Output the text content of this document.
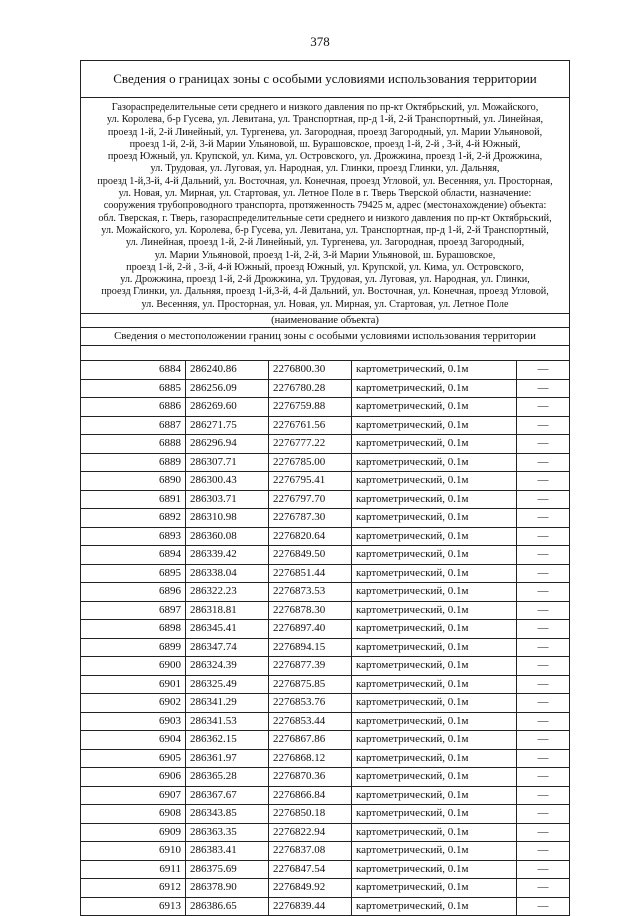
378
Сведения о границах зоны с особыми условиями использования территории
Газораспределительные сети среднего и низкого давления по пр-кт Октябрьский, ул. Можайского,
ул. Королева, б-р Гусева, ул. Левитана, ул. Транспортная, пр-д 1-й, 2-й Транспортный, ул. Линейная,
проезд 1-й, 2-й Линейный, ул. Тургенева, ул. Загородная, проезд Загородный, ул. Марии Ульяновой,
проезд 1-й, 2-й, 3-й Марии Ульяновой, ш. Бурашовское, проезд 1-й, 2-й , 3-й, 4-й Южный,
проезд Южный, ул. Крупской, ул. Кима, ул. Островского, ул. Дрожжина, проезд 1-й, 2-й Дрожжина,
ул. Трудовая, ул. Луговая, ул. Народная, ул. Глинки, проезд Глинки, ул. Дальняя,
проезд 1-й,3-й, 4-й Дальний, ул. Восточная, ул. Конечная, проезд Угловой, ул. Весенняя, ул. Просторная,
ул. Новая, ул. Мирная, ул. Стартовая, ул. Летное Поле в г. Тверь Тверской области, назначение:
сооружения трубопроводного транспорта, протяженность 79425 м, адрес (местонахождение) объекта:
обл. Тверская, г. Тверь, газораспределительные сети среднего и низкого давления по пр-кт Октябрьский,
ул. Можайского, ул. Королева, б-р Гусева, ул. Левитана, ул. Транспортная, пр-д 1-й, 2-й Транспортный,
ул. Линейная, проезд 1-й, 2-й Линейный, ул. Тургенева, ул. Загородная, проезд Загородный,
ул. Марии Ульяновой, проезд 1-й, 2-й, 3-й Марии Ульяновой, ш. Бурашовское,
проезд 1-й, 2-й , 3-й, 4-й Южный, проезд Южный, ул. Крупской, ул. Кима, ул. Островского,
ул. Дрожжина, проезд 1-й, 2-й Дрожжина, ул. Трудовая, ул. Луговая, ул. Народная, ул. Глинки,
проезд Глинки, ул. Дальняя, проезд 1-й,3-й, 4-й Дальний, ул. Восточная, ул. Конечная, проезд Угловой,
ул. Весенняя, ул. Просторная, ул. Новая, ул. Мирная, ул. Стартовая, ул. Летное Поле
(наименование объекта)
Сведения о местоположении границ зоны с особыми условиями использования территории
6884	286240.86	2276800.30	картометрический, 0.1м	—
6885	286256.09	2276780.28	картометрический, 0.1м	—
6886	286269.60	2276759.88	картометрический, 0.1м	—
6887	286271.75	2276761.56	картометрический, 0.1м	—
6888	286296.94	2276777.22	картометрический, 0.1м	—
6889	286307.71	2276785.00	картометрический, 0.1м	—
6890	286300.43	2276795.41	картометрический, 0.1м	—
6891	286303.71	2276797.70	картометрический, 0.1м	—
6892	286310.98	2276787.30	картометрический, 0.1м	—
6893	286360.08	2276820.64	картометрический, 0.1м	—
6894	286339.42	2276849.50	картометрический, 0.1м	—
6895	286338.04	2276851.44	картометрический, 0.1м	—
6896	286322.23	2276873.53	картометрический, 0.1м	—
6897	286318.81	2276878.30	картометрический, 0.1м	—
6898	286345.41	2276897.40	картометрический, 0.1м	—
6899	286347.74	2276894.15	картометрический, 0.1м	—
6900	286324.39	2276877.39	картометрический, 0.1м	—
6901	286325.49	2276875.85	картометрический, 0.1м	—
6902	286341.29	2276853.76	картометрический, 0.1м	—
6903	286341.53	2276853.44	картометрический, 0.1м	—
6904	286362.15	2276867.86	картометрический, 0.1м	—
6905	286361.97	2276868.12	картометрический, 0.1м	—
6906	286365.28	2276870.36	картометрический, 0.1м	—
6907	286367.67	2276866.84	картометрический, 0.1м	—
6908	286343.85	2276850.18	картометрический, 0.1м	—
6909	286363.35	2276822.94	картометрический, 0.1м	—
6910	286383.41	2276837.08	картометрический, 0.1м	—
6911	286375.69	2276847.54	картометрический, 0.1м	—
6912	286378.90	2276849.92	картометрический, 0.1м	—
6913	286386.65	2276839.44	картометрический, 0.1м	—
